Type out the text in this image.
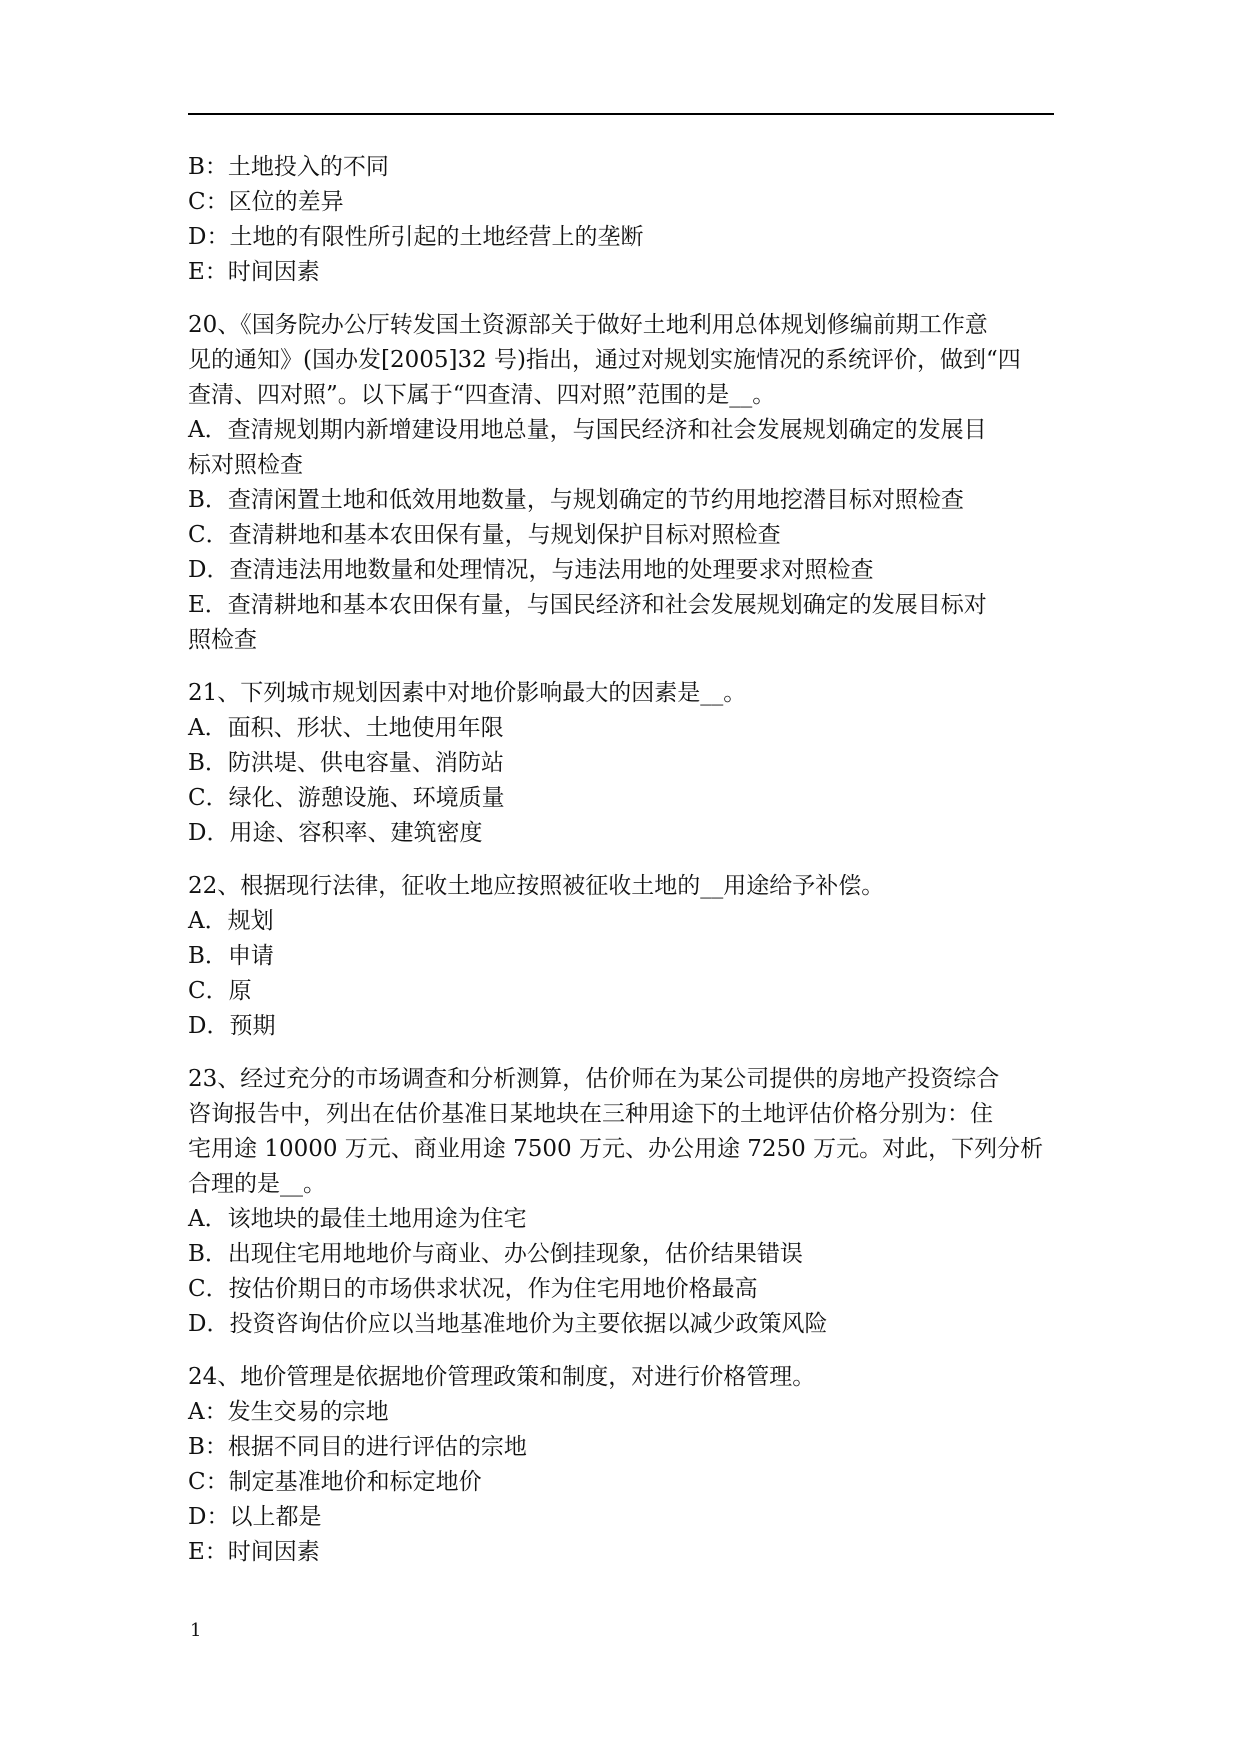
B：土地投入的不同

C：区位的差异

D：土地的有限性所引起的土地经营上的垄断

E：时间因素

20、《国务院办公厅转发国土资源部关于做好土地利用总体规划修编前期工作意

见的通知》(国办发[2005]32 号)指出，通过对规划实施情况的系统评价，做到“四

查清、四对照”。以下属于“四查清、四对照”范围的是__。

A．查清规划期内新增建设用地总量，与国民经济和社会发展规划确定的发展目

标对照检查

B．查清闲置土地和低效用地数量，与规划确定的节约用地挖潜目标对照检查

C．查清耕地和基本农田保有量，与规划保护目标对照检查

D．查清违法用地数量和处理情况，与违法用地的处理要求对照检查

E．查清耕地和基本农田保有量，与国民经济和社会发展规划确定的发展目标对

照检查

21、下列城市规划因素中对地价影响最大的因素是__。

A．面积、形状、土地使用年限

B．防洪堤、供电容量、消防站

C．绿化、游憩设施、环境质量

D．用途、容积率、建筑密度

22、根据现行法律，征收土地应按照被征收土地的__用途给予补偿。

A．规划

B．申请

C．原

D．预期

23、经过充分的市场调查和分析测算，估价师在为某公司提供的房地产投资综合

咨询报告中，列出在估价基准日某地块在三种用途下的土地评估价格分别为：住

宅用途 10000 万元、商业用途 7500 万元、办公用途 7250 万元。对此，下列分析

合理的是__。

A．该地块的最佳土地用途为住宅

B．出现住宅用地地价与商业、办公倒挂现象，估价结果错误

C．按估价期日的市场供求状况，作为住宅用地价格最高

D．投资咨询估价应以当地基准地价为主要依据以减少政策风险

24、地价管理是依据地价管理政策和制度，对进行价格管理。

A：发生交易的宗地

B：根据不同目的进行评估的宗地

C：制定基准地价和标定地价

D：以上都是

E：时间因素

1
